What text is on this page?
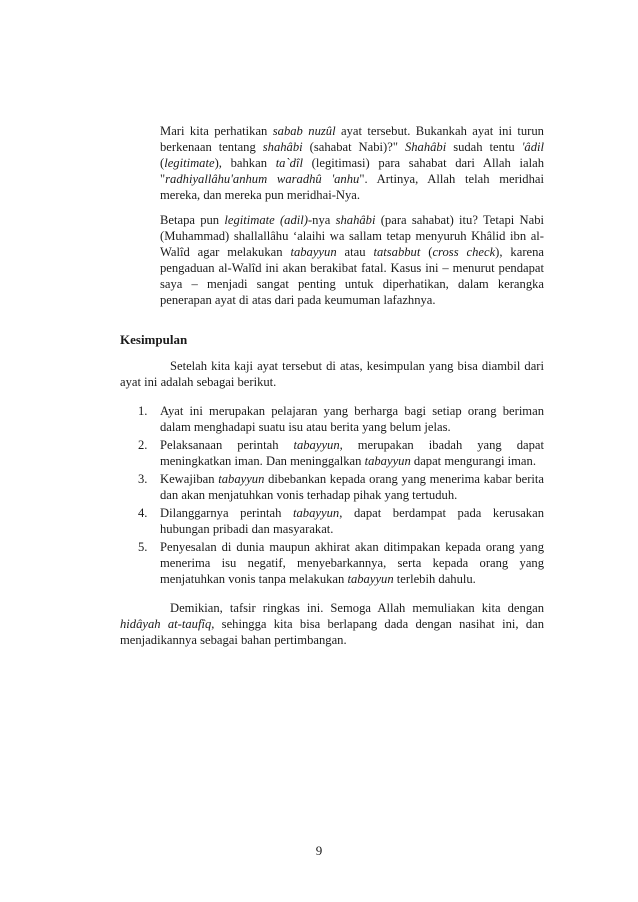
Mari kita perhatikan sabab nuzûl ayat tersebut. Bukankah ayat ini turun berkenaan tentang shahâbi (sahabat Nabi)?" Shahâbi sudah tentu 'âdil (legitimate), bahkan ta`dîl (legitimasi) para sahabat dari Allah ialah "radhiyallâhu'anhum waradhû 'anhu". Artinya, Allah telah meridhai mereka, dan mereka pun meridhai-Nya.
Betapa pun legitimate (adil)-nya shahâbi (para sahabat) itu? Tetapi Nabi (Muhammad) shallallâhu ‘alaihi wa sallam tetap menyuruh Khâlid ibn al-Walîd agar melakukan tabayyun atau tatsabbut (cross check), karena pengaduan al-Walîd ini akan berakibat fatal. Kasus ini – menurut pendapat saya – menjadi sangat penting untuk diperhatikan, dalam kerangka penerapan ayat di atas dari pada keumuman lafazhnya.
Kesimpulan
Setelah kita kaji ayat tersebut di atas, kesimpulan yang bisa diambil dari ayat ini adalah sebagai berikut.
1. Ayat ini merupakan pelajaran yang berharga bagi setiap orang beriman dalam menghadapi suatu isu atau berita yang belum jelas.
2. Pelaksanaan perintah tabayyun, merupakan ibadah yang dapat meningkatkan iman. Dan meninggalkan tabayyun dapat mengurangi iman.
3. Kewajiban tabayyun dibebankan kepada orang yang menerima kabar berita dan akan menjatuhkan vonis terhadap pihak yang tertuduh.
4. Dilanggarnya perintah tabayyun, dapat berdampat pada kerusakan hubungan pribadi dan masyarakat.
5. Penyesalan di dunia maupun akhirat akan ditimpakan kepada orang yang menerima isu negatif, menyebarkannya, serta kepada orang yang menjatuhkan vonis tanpa melakukan tabayyun terlebih dahulu.
Demikian, tafsir ringkas ini. Semoga Allah memuliakan kita dengan hidâyah at-taufîq, sehingga kita bisa berlapang dada dengan nasihat ini, dan menjadikannya sebagai bahan pertimbangan.
9
